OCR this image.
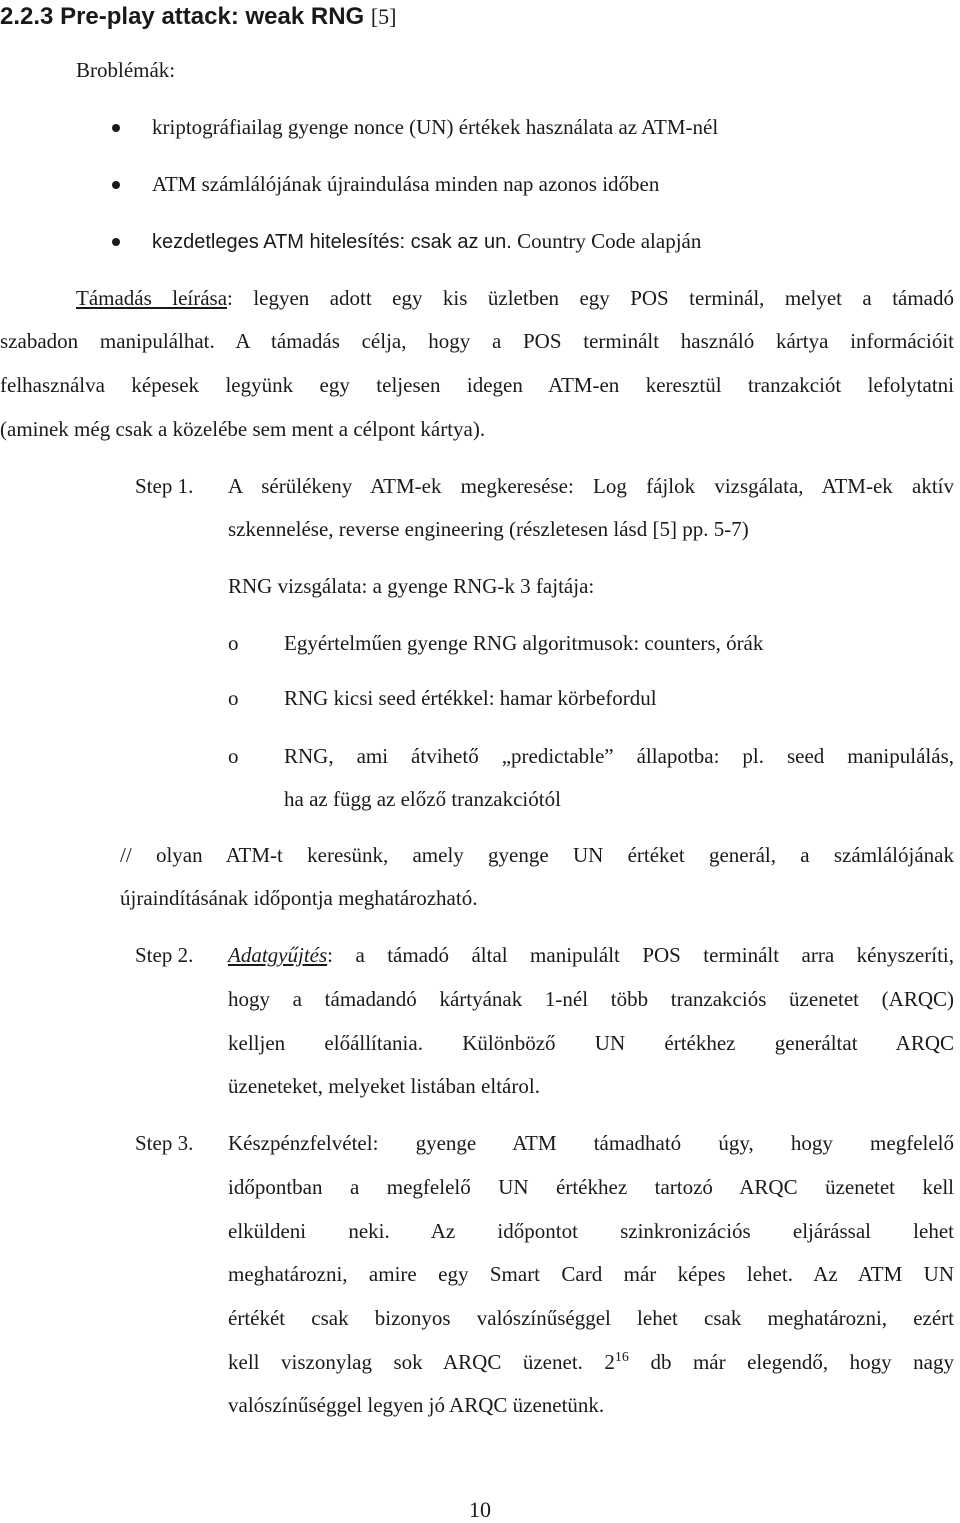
2.2.3 Pre-play attack: weak RNG [5]
Broblémák:
kriptográfiailag gyenge nonce (UN) értékek használata az ATM-nél
ATM számlálójának újraindulása minden nap azonos időben
kezdetleges ATM hitelesítés: csak az un. Country Code alapján
Támadás leírása: legyen adott egy kis üzletben egy POS terminál, melyet a támadó
szabadon manipulálhat. A támadás célja, hogy a POS terminált használó kártya információit
felhasználva képesek legyünk egy teljesen idegen ATM-en keresztül tranzakciót lefolytatni
(aminek még csak a közelébe sem ment a célpont kártya).
Step 1. A sérülékeny ATM-ek megkeresése: Log fájlok vizsgálata, ATM-ek aktív
szkennelése, reverse engineering (részletesen lásd [5] pp. 5-7)
RNG vizsgálata: a gyenge RNG-k 3 fajtája:
o Egyértelműen gyenge RNG algoritmusok: counters, órák
o RNG kicsi seed értékkel: hamar körbefordul
o RNG, ami átvihető „predictable” állapotba: pl. seed manipulálás,
ha az függ az előző tranzakciótól
// olyan ATM-t keresünk, amely gyenge UN értéket generál, a számlálójának
újraindításának időpontja meghatározható.
Step 2. Adatgyűjtés: a támadó által manipulált POS terminált arra kényszeríti,
hogy a támadandó kártyának 1-nél több tranzakciós üzenetet (ARQC)
kelljen előállítania. Különböző UN értékhez generáltat ARQC
üzeneteket, melyeket listában eltárol.
Step 3. Készpénzfelvétel: gyenge ATM támadható úgy, hogy megfelelő
időpontban a megfelelő UN értékhez tartozó ARQC üzenetet kell
elküldeni neki. Az időpontot szinkronizációs eljárással lehet
meghatározni, amire egy Smart Card már képes lehet. Az ATM UN
értékét csak bizonyos valószínűséggel lehet csak meghatározni, ezért
kell viszonylag sok ARQC üzenet. $2^{16}$ db már elegendő, hogy nagy
valószínűséggel legyen jó ARQC üzenetünk.
10
